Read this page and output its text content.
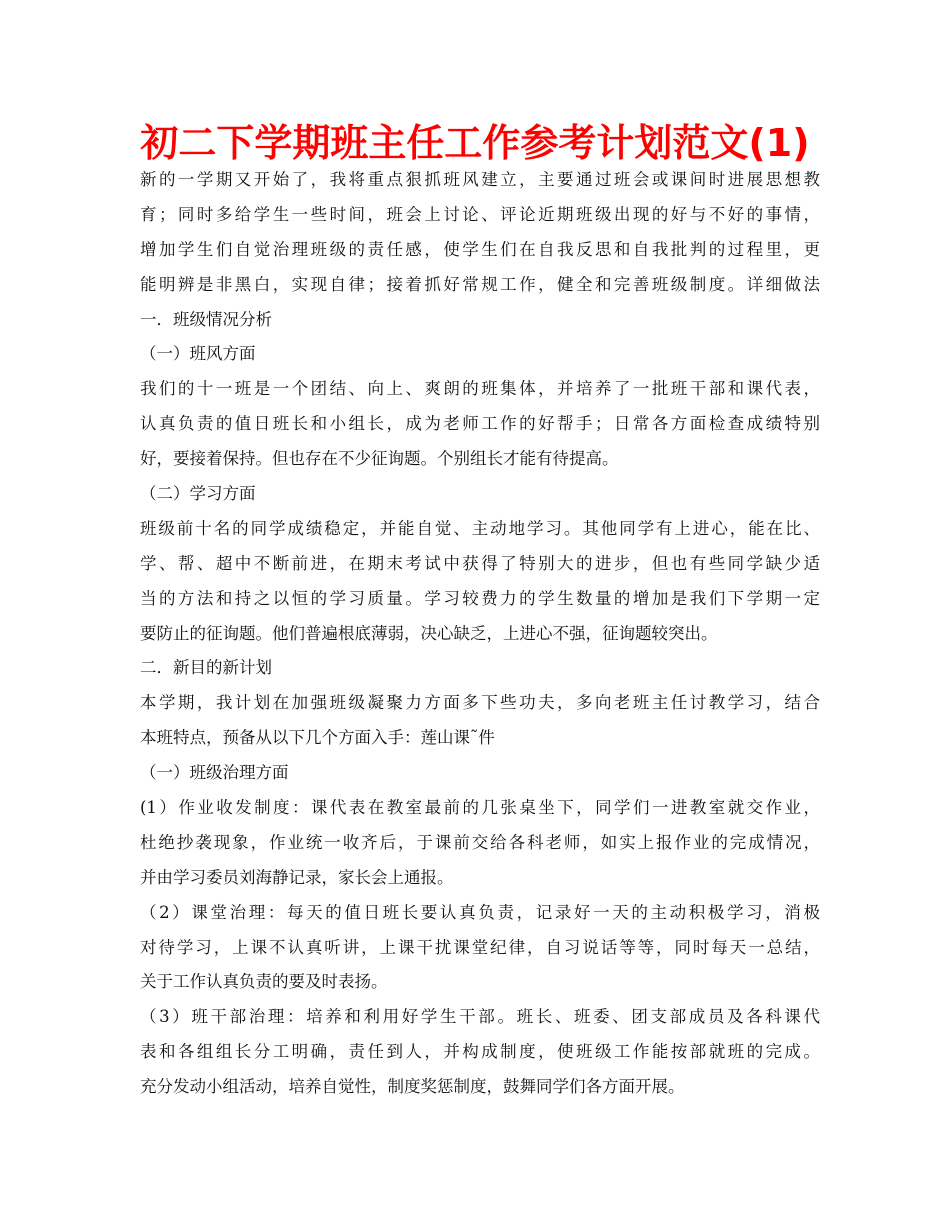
初二下学期班主任工作参考计划范文(1)
新的一学期又开始了，我将重点狠抓班风建立，主要通过班会或课间时进展思想教
育；同时多给学生一些时间，班会上讨论、评论近期班级出现的好与不好的事情，
增加学生们自觉治理班级的责任感，使学生们在自我反思和自我批判的过程里，更
能明辨是非黑白，实现自律；接着抓好常规工作，健全和完善班级制度。详细做法
一．班级情况分析
（一）班风方面
我们的十一班是一个团结、向上、爽朗的班集体，并培养了一批班干部和课代表，
认真负责的值日班长和小组长，成为老师工作的好帮手；日常各方面检查成绩特别
好，要接着保持。但也存在不少征询题。个别组长才能有待提高。
（二）学习方面
班级前十名的同学成绩稳定，并能自觉、主动地学习。其他同学有上进心，能在比、
学、帮、超中不断前进，在期末考试中获得了特别大的进步，但也有些同学缺少适
当的方法和持之以恒的学习质量。学习较费力的学生数量的增加是我们下学期一定
要防止的征询题。他们普遍根底薄弱，决心缺乏，上进心不强，征询题较突出。
二．新目的新计划
本学期，我计划在加强班级凝聚力方面多下些功夫，多向老班主任讨教学习，结合
本班特点，预备从以下几个方面入手：莲山课˜件
（一）班级治理方面
(1）作业收发制度：课代表在教室最前的几张桌坐下，同学们一进教室就交作业，
杜绝抄袭现象，作业统一收齐后，于课前交给各科老师，如实上报作业的完成情况，
并由学习委员刘海静记录，家长会上通报。
（2）课堂治理：每天的值日班长要认真负责，记录好一天的主动积极学习，消极
对待学习，上课不认真听讲，上课干扰课堂纪律，自习说话等等，同时每天一总结，
关于工作认真负责的要及时表扬。
（3）班干部治理：培养和利用好学生干部。班长、班委、团支部成员及各科课代
表和各组组长分工明确，责任到人，并构成制度，使班级工作能按部就班的完成。
充分发动小组活动，培养自觉性，制度奖惩制度，鼓舞同学们各方面开展。
